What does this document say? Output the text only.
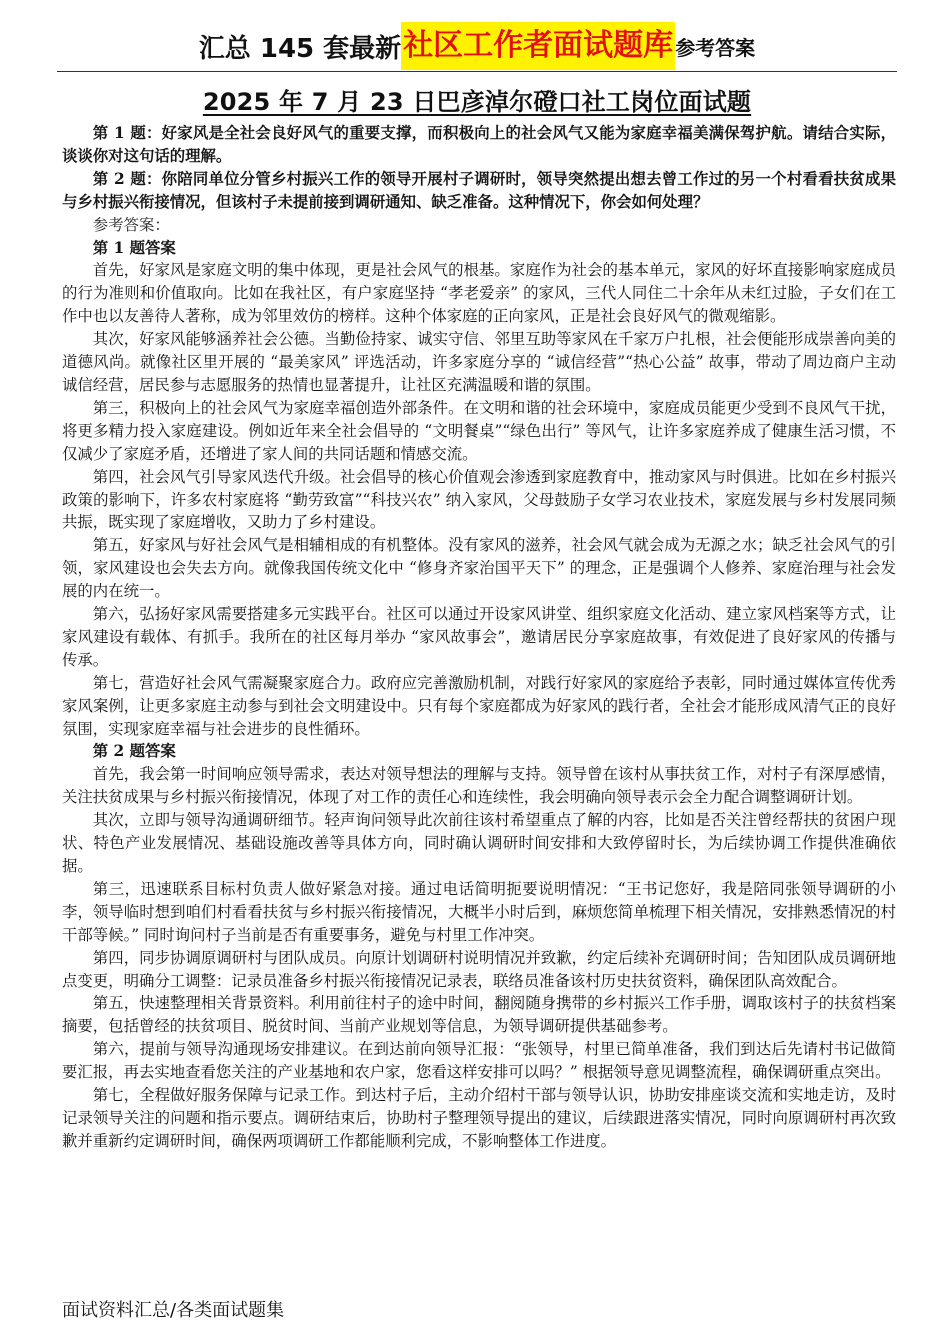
汇总 145 套最新社区工作者面试题库 参考答案
2025 年 7 月 23 日巴彦淖尔磴口社工岗位面试题

第 1 题：好家风是全社会良好风气的重要支撑，而积极向上的社会风气又能为家庭幸福美满保驾护航。请结合实际，谈谈你对这句话的理解。

第 2 题：你陪同单位分管乡村振兴工作的领导开展村子调研时，领导突然提出想去曾工作过的另一个村看看扶贫成果与乡村振兴衔接情况，但该村子未提前接到调研通知、缺乏准备。这种情况下，你会如何处理？

参考答案：

第 1 题答案

首先，好家风是家庭文明的集中体现，更是社会风气的根基。家庭作为社会的基本单元，家风的好坏直接影响家庭成员的行为准则和价值取向。比如在我社区，有户家庭坚持 “孝老爱亲” 的家风，三代人同住二十余年从未红过脸，子女们在工作中也以友善待人著称，成为邻里效仿的榜样。这种个体家庭的正向家风，正是社会良好风气的微观缩影。

其次，好家风能够涵养社会公德。当勤俭持家、诚实守信、邻里互助等家风在千家万户扎根，社会便能形成崇善向美的道德风尚。就像社区里开展的 “最美家风” 评选活动，许多家庭分享的 “诚信经营”“热心公益” 故事，带动了周边商户主动诚信经营，居民参与志愿服务的热情也显著提升，让社区充满温暖和谐的氛围。

第三，积极向上的社会风气为家庭幸福创造外部条件。在文明和谐的社会环境中，家庭成员能更少受到不良风气干扰，将更多精力投入家庭建设。例如近年来全社会倡导的 “文明餐桌”“绿色出行” 等风气，让许多家庭养成了健康生活习惯，不仅减少了家庭矛盾，还增进了家人间的共同话题和情感交流。

第四，社会风气引导家风迭代升级。社会倡导的核心价值观会渗透到家庭教育中，推动家风与时俱进。比如在乡村振兴政策的影响下，许多农村家庭将 “勤劳致富”“科技兴农” 纳入家风，父母鼓励子女学习农业技术，家庭发展与乡村发展同频共振，既实现了家庭增收，又助力了乡村建设。

第五，好家风与好社会风气是相辅相成的有机整体。没有家风的滋养，社会风气就会成为无源之水；缺乏社会风气的引领，家风建设也会失去方向。就像我国传统文化中 “修身齐家治国平天下” 的理念，正是强调个人修养、家庭治理与社会发展的内在统一。

第六，弘扬好家风需要搭建多元实践平台。社区可以通过开设家风讲堂、组织家庭文化活动、建立家风档案等方式，让家风建设有载体、有抓手。我所在的社区每月举办 “家风故事会”，邀请居民分享家庭故事，有效促进了良好家风的传播与传承。

第七，营造好社会风气需凝聚家庭合力。政府应完善激励机制，对践行好家风的家庭给予表彰，同时通过媒体宣传优秀家风案例，让更多家庭主动参与到社会文明建设中。只有每个家庭都成为好家风的践行者，全社会才能形成风清气正的良好氛围，实现家庭幸福与社会进步的良性循环。

第 2 题答案

首先，我会第一时间响应领导需求，表达对领导想法的理解与支持。领导曾在该村从事扶贫工作，对村子有深厚感情，关注扶贫成果与乡村振兴衔接情况，体现了对工作的责任心和连续性，我会明确向领导表示会全力配合调整调研计划。

其次，立即与领导沟通调研细节。轻声询问领导此次前往该村希望重点了解的内容，比如是否关注曾经帮扶的贫困户现状、特色产业发展情况、基础设施改善等具体方向，同时确认调研时间安排和大致停留时长，为后续协调工作提供准确依据。

第三，迅速联系目标村负责人做好紧急对接。通过电话简明扼要说明情况：“王书记您好，我是陪同张领导调研的小李，领导临时想到咱们村看看扶贫与乡村振兴衔接情况，大概半小时后到，麻烦您简单梳理下相关情况，安排熟悉情况的村干部等候。” 同时询问村子当前是否有重要事务，避免与村里工作冲突。

第四，同步协调原调研村与团队成员。向原计划调研村说明情况并致歉，约定后续补充调研时间；告知团队成员调研地点变更，明确分工调整：记录员准备乡村振兴衔接情况记录表，联络员准备该村历史扶贫资料，确保团队高效配合。

第五，快速整理相关背景资料。利用前往村子的途中时间，翻阅随身携带的乡村振兴工作手册，调取该村子的扶贫档案摘要，包括曾经的扶贫项目、脱贫时间、当前产业规划等信息，为领导调研提供基础参考。

第六，提前与领导沟通现场安排建议。在到达前向领导汇报：“张领导，村里已简单准备，我们到达后先请村书记做简要汇报，再去实地查看您关注的产业基地和农户家，您看这样安排可以吗？” 根据领导意见调整流程，确保调研重点突出。

第七，全程做好服务保障与记录工作。到达村子后，主动介绍村干部与领导认识，协助安排座谈交流和实地走访，及时记录领导关注的问题和指示要点。调研结束后，协助村子整理领导提出的建议，后续跟进落实情况，同时向原调研村再次致歉并重新约定调研时间，确保两项调研工作都能顺利完成，不影响整体工作进度。

面试资料汇总/各类面试题集
